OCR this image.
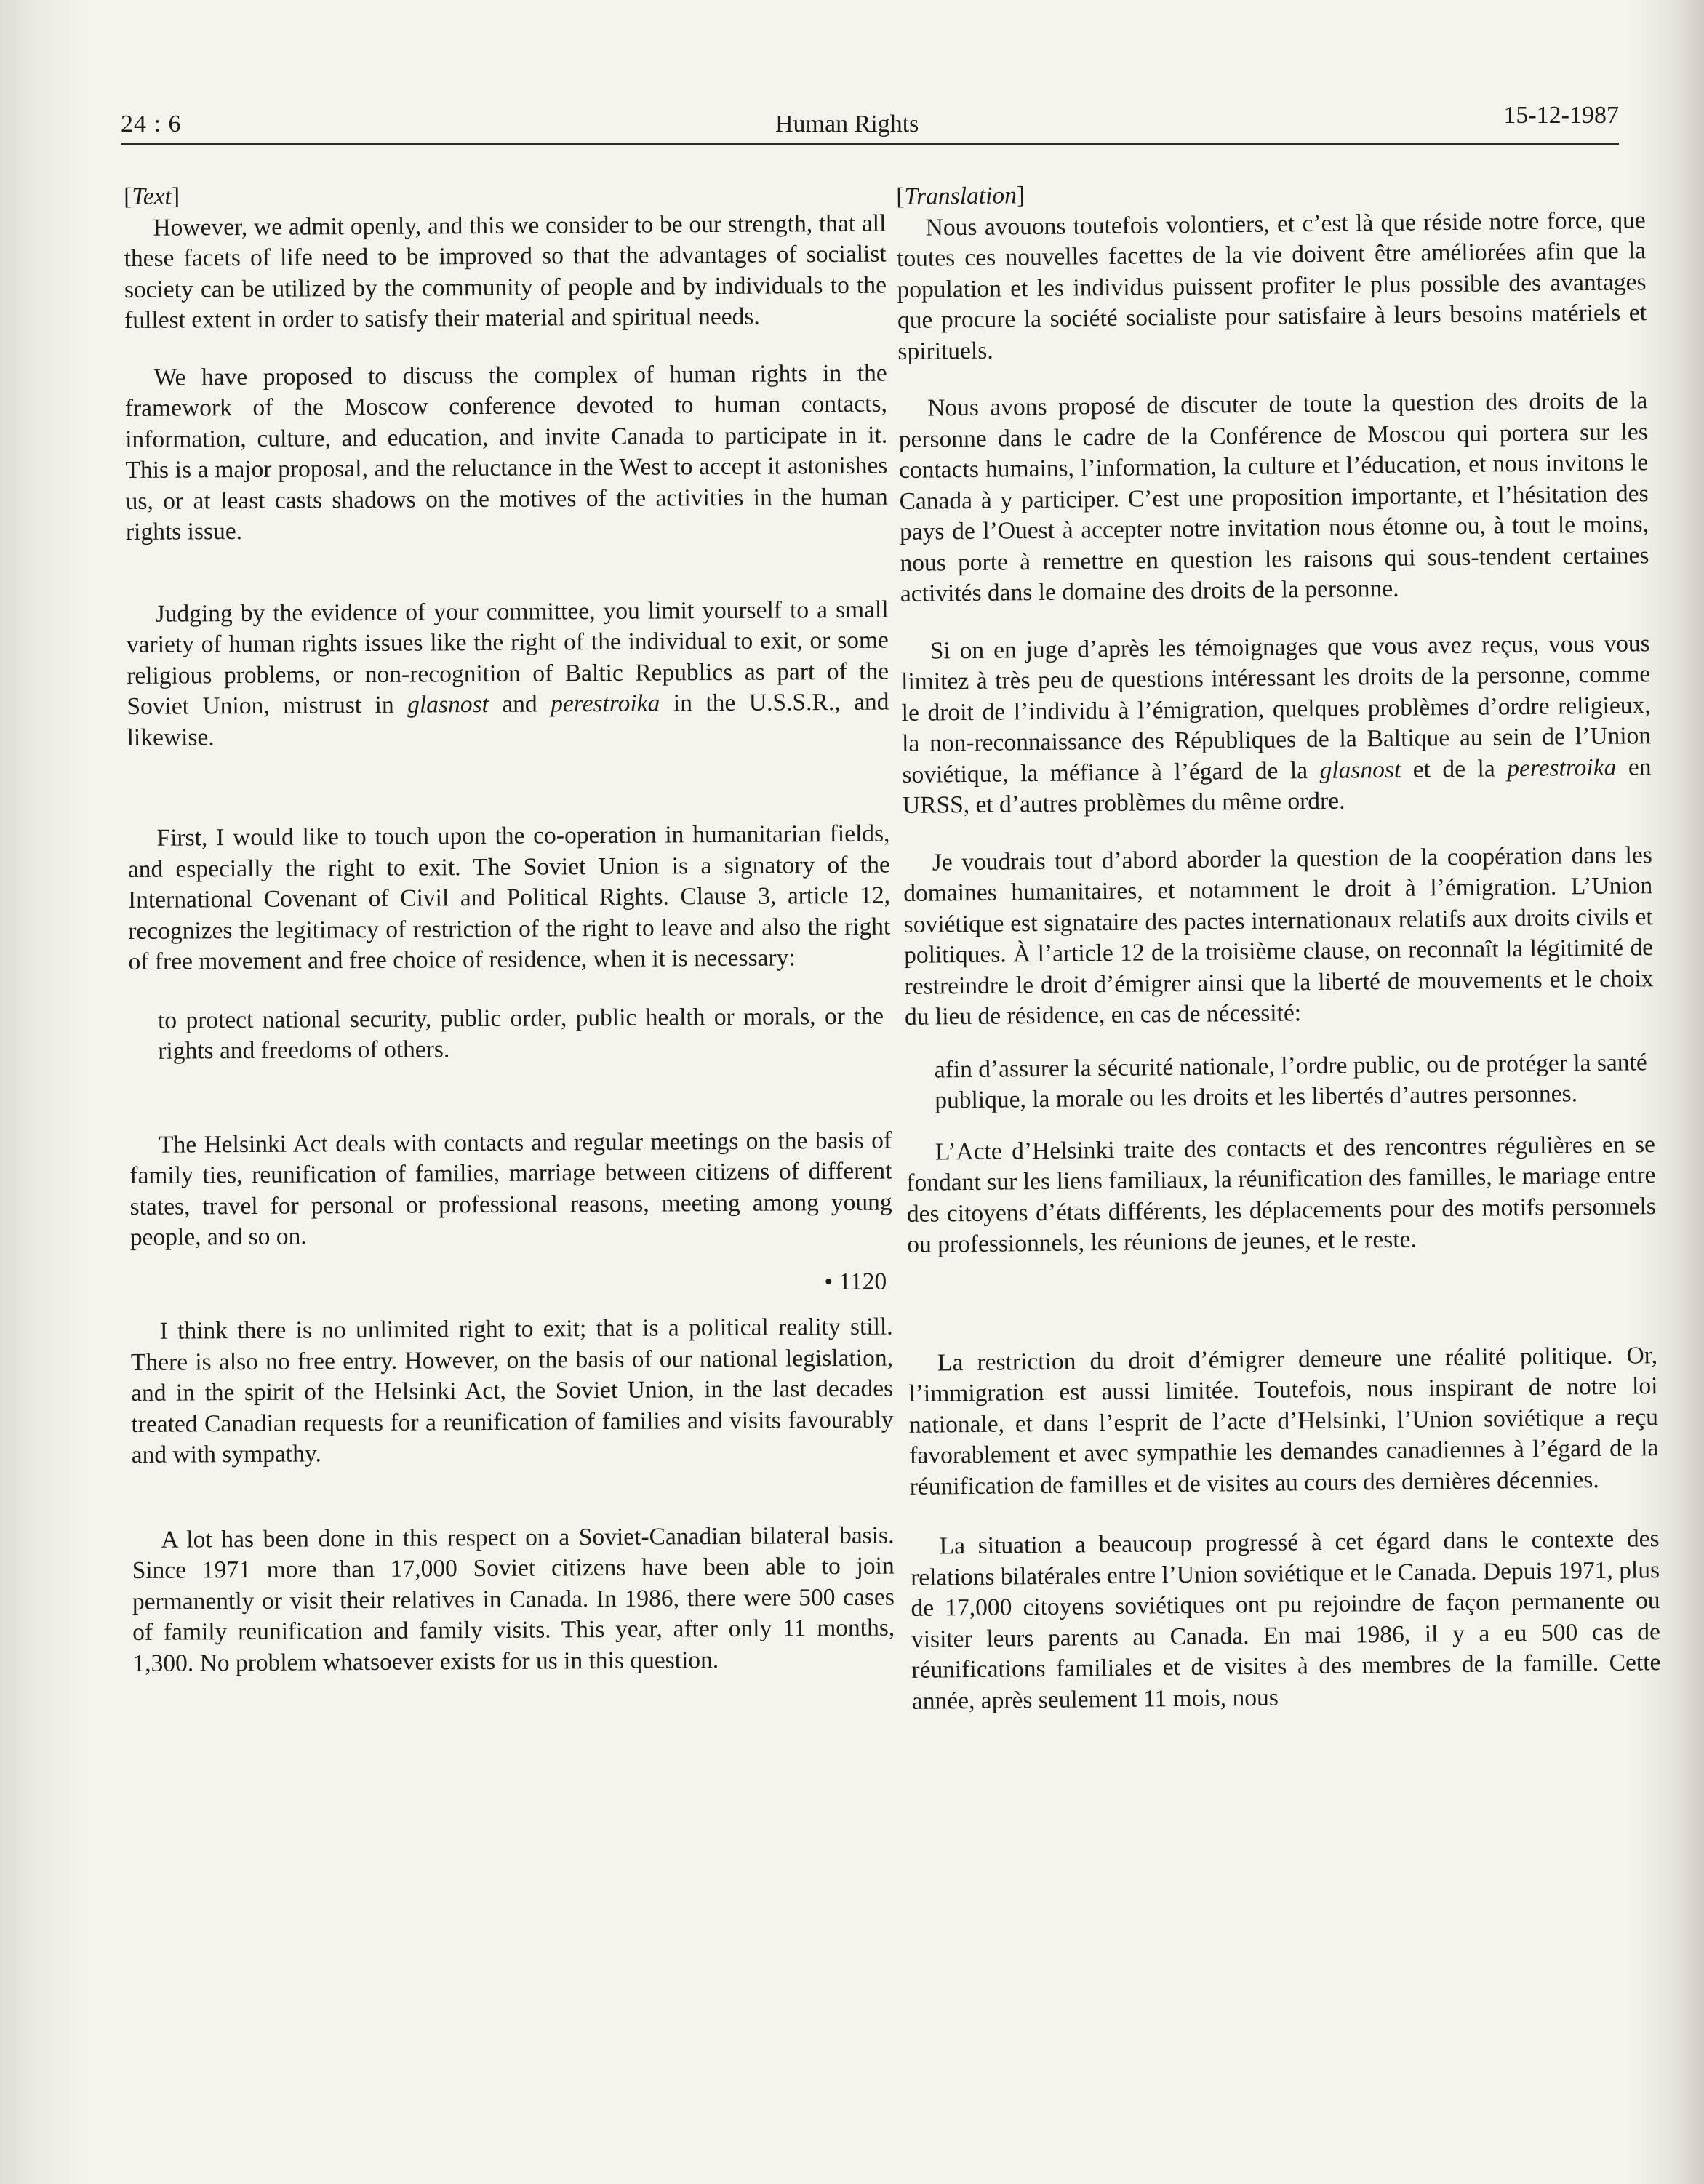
24 : 6	Human Rights	15-12-1987
[Text]

However, we admit openly, and this we consider to be our strength, that all these facets of life need to be improved so that the advantages of socialist society can be utilized by the community of people and by individuals to the fullest extent in order to satisfy their material and spiritual needs.

We have proposed to discuss the complex of human rights in the framework of the Moscow conference devoted to human contacts, information, culture, and education, and invite Canada to participate in it. This is a major proposal, and the reluctance in the West to accept it astonishes us, or at least casts shadows on the motives of the activities in the human rights issue.

Judging by the evidence of your committee, you limit yourself to a small variety of human rights issues like the right of the individual to exit, or some religious problems, or non-recognition of Baltic Republics as part of the Soviet Union, mistrust in glasnost and perestroika in the U.S.S.R., and likewise.

First, I would like to touch upon the co-operation in humanitarian fields, and especially the right to exit. The Soviet Union is a signatory of the International Covenant of Civil and Political Rights. Clause 3, article 12, recognizes the legitimacy of restriction of the right to leave and also the right of free movement and free choice of residence, when it is necessary:

to protect national security, public order, public health or morals, or the rights and freedoms of others.

The Helsinki Act deals with contacts and regular meetings on the basis of family ties, reunification of families, marriage between citizens of different states, travel for personal or professional reasons, meeting among young people, and so on.

• 1120

I think there is no unlimited right to exit; that is a political reality still. There is also no free entry. However, on the basis of our national legislation, and in the spirit of the Helsinki Act, the Soviet Union, in the last decades treated Canadian requests for a reunification of families and visits favourably and with sympathy.

A lot has been done in this respect on a Soviet-Canadian bilateral basis. Since 1971 more than 17,000 Soviet citizens have been able to join permanently or visit their relatives in Canada. In 1986, there were 500 cases of family reunification and family visits. This year, after only 11 months, 1,300. No problem whatsoever exists for us in this question.

[Translation]

Nous avouons toutefois volontiers, et c’est là que réside notre force, que toutes ces nouvelles facettes de la vie doivent être améliorées afin que la population et les individus puissent profiter le plus possible des avantages que procure la société socialiste pour satisfaire à leurs besoins matériels et spirituels.

Nous avons proposé de discuter de toute la question des droits de la personne dans le cadre de la Conférence de Moscou qui portera sur les contacts humains, l’information, la culture et l’éducation, et nous invitons le Canada à y participer. C’est une proposition importante, et l’hésitation des pays de l’Ouest à accepter notre invitation nous étonne ou, à tout le moins, nous porte à remettre en question les raisons qui sous-tendent certaines activités dans le domaine des droits de la personne.

Si on en juge d’après les témoignages que vous avez reçus, vous vous limitez à très peu de questions intéressant les droits de la personne, comme le droit de l’individu à l’émigration, quelques problèmes d’ordre religieux, la non-reconnaissance des Républiques de la Baltique au sein de l’Union soviétique, la méfiance à l’égard de la glasnost et de la perestroika en URSS, et d’autres problèmes du même ordre.

Je voudrais tout d’abord aborder la question de la coopération dans les domaines humanitaires, et notamment le droit à l’émigration. L’Union soviétique est signataire des pactes internationaux relatifs aux droits civils et politiques. À l’article 12 de la troisième clause, on reconnaît la légitimité de restreindre le droit d’émigrer ainsi que la liberté de mouvements et le choix du lieu de résidence, en cas de nécessité:

afin d’assurer la sécurité nationale, l’ordre public, ou de protéger la santé publique, la morale ou les droits et les libertés d’autres personnes.

L’Acte d’Helsinki traite des contacts et des rencontres régulières en se fondant sur les liens familiaux, la réunification des familles, le mariage entre des citoyens d’états différents, les déplacements pour des motifs personnels ou professionnels, les réunions de jeunes, et le reste.

La restriction du droit d’émigrer demeure une réalité politique. Or, l’immigration est aussi limitée. Toutefois, nous inspirant de notre loi nationale, et dans l’esprit de l’acte d’Helsinki, l’Union soviétique a reçu favorablement et avec sympathie les demandes canadiennes à l’égard de la réunification de familles et de visites au cours des dernières décennies.

La situation a beaucoup progressé à cet égard dans le contexte des relations bilatérales entre l’Union soviétique et le Canada. Depuis 1971, plus de 17,000 citoyens soviétiques ont pu rejoindre de façon permanente ou visiter leurs parents au Canada. En mai 1986, il y a eu 500 cas de réunifications familiales et de visites à des membres de la famille. Cette année, après seulement 11 mois, nous
